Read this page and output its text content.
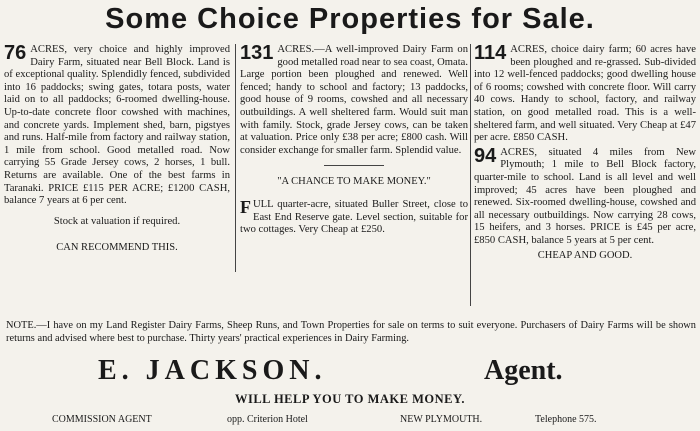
Some Choice Properties for Sale.

76 ACRES, very choice and highly improved Dairy Farm, situated near Bell Block. Land is of exceptional quality. Splendidly fenced, subdivided into 16 paddocks; swing gates, totara posts, water laid on to all paddocks; 6-roomed dwelling-house. Up-to-date concrete floor cowshed with machines, and concrete yards. Implement shed, barn, pigstyes and runs. Half-mile from factory and railway station, 1 mile from school. Good metalled road. Now carrying 55 Grade Jersey cows, 2 horses, 1 bull. Returns are available. One of the best farms in Taranaki. PRICE £115 PER ACRE; £1200 CASH, balance 7 years at 6 per cent.

Stock at valuation if required.

CAN RECOMMEND THIS.

131 ACRES.—A well-improved Dairy Farm on good metalled road near to sea coast, Omata. Large portion been ploughed and renewed. Well fenced; handy to school and factory; 13 paddocks, good house of 9 rooms, cowshed and all necessary outbuildings. A well sheltered farm. Would suit man with family. Stock, grade Jersey cows, can be taken at valuation. Price only £38 per acre; £800 cash. Will consider exchange for smaller farm. Splendid value.

"A CHANCE TO MAKE MONEY."

F ULL quarter-acre, situated Buller Street, close to East End Reserve gate. Level section, suitable for two cottages. Very Cheap at £250.

114 ACRES, choice dairy farm; 60 acres have been ploughed and re-grassed. Sub-divided into 12 well-fenced paddocks; good dwelling house of 6 rooms; cowshed with concrete floor. Will carry 40 cows. Handy to school, factory, and railway station, on good metalled road. This is a well-sheltered farm, and well situated. Very Cheap at £47 per acre. £850 CASH.

94 ACRES, situated 4 miles from New Plymouth; 1 mile to Bell Block factory, quarter-mile to school. Land is all level and well improved; 45 acres have been ploughed and renewed. Six-roomed dwelling-house, cowshed and all necessary outbuildings. Now carrying 28 cows, 15 heifers, and 3 horses. PRICE is £45 per acre, £850 CASH, balance 5 years at 5 per cent.

CHEAP AND GOOD.

NOTE.—I have on my Land Register Dairy Farms, Sheep Runs, and Town Properties for sale on terms to suit everyone. Purchasers of Dairy Farms will be shown returns and advised where best to purchase. Thirty years' practical experiences in Dairy Farming.
E. JACKSON.	Agent.
WILL HELP YOU TO MAKE MONEY.
COMMISSION AGENT	opp. Criterion Hotel	NEW PLYMOUTH.	Telephone 575.
